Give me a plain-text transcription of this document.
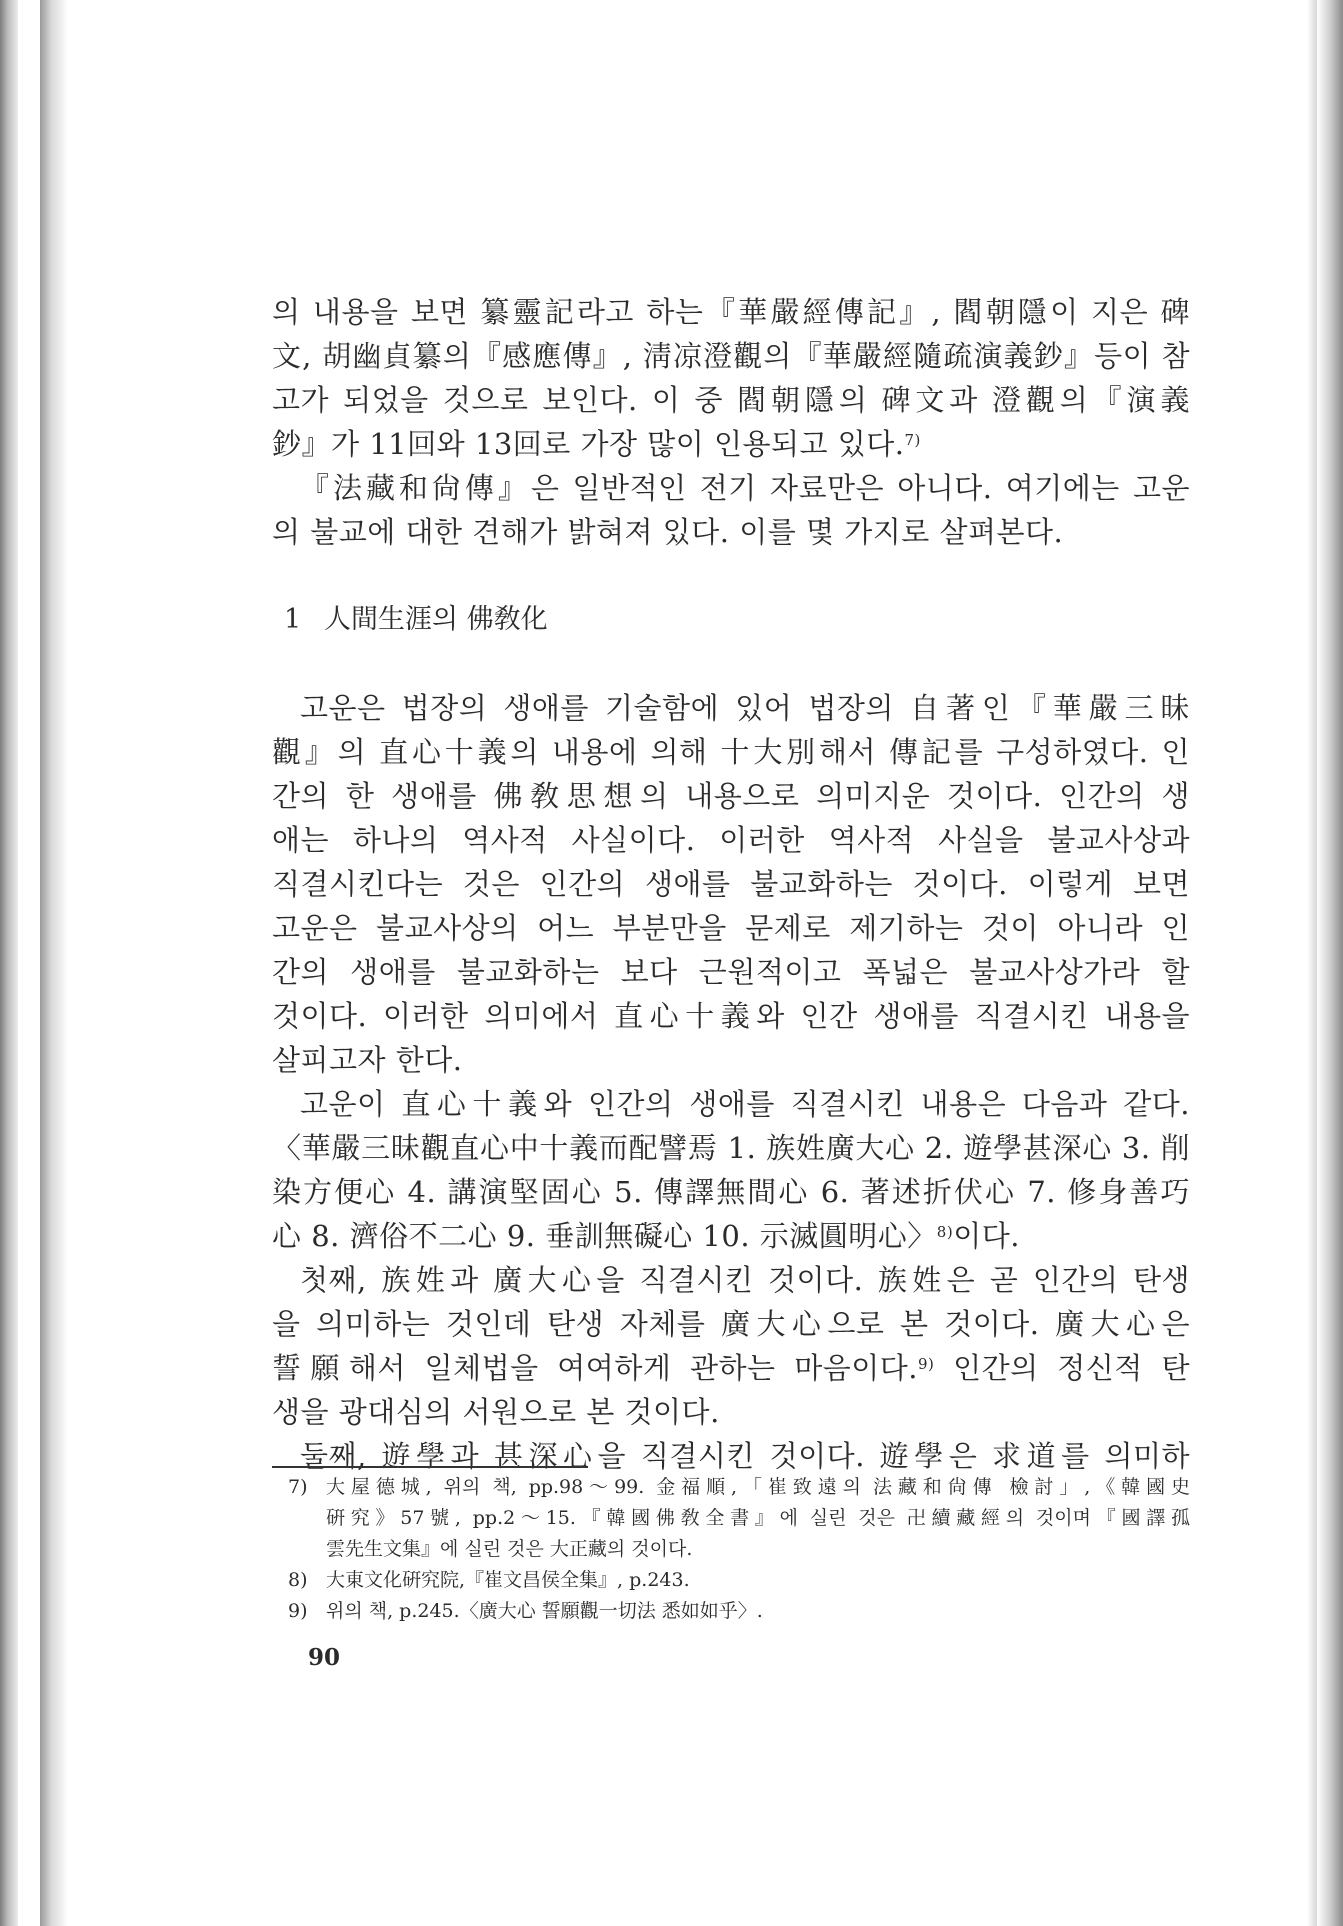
의 내용을 보면 纂靈記라고 하는『華嚴經傳記』, 閻朝隱이 지은 碑
文, 胡幽貞纂의『感應傳』, 淸凉澄觀의『華嚴經隨疏演義鈔』등이 참
고가 되었을 것으로 보인다. 이 중 閻朝隱의 碑文과 澄觀의『演義
鈔』가 11回와 13回로 가장 많이 인용되고 있다.$^{7)}$

『法藏和尙傳』은 일반적인 전기 자료만은 아니다. 여기에는 고운
의 불교에 대한 견해가 밝혀져 있다. 이를 몇 가지로 살펴본다.

1 人間生涯의 佛敎化

고운은 법장의 생애를 기술함에 있어 법장의 自著인『華嚴三昧
觀』의 直心十義의 내용에 의해 十大別해서 傳記를 구성하였다. 인
간의 한 생애를 佛敎思想의 내용으로 의미지운 것이다. 인간의 생
애는 하나의 역사적 사실이다. 이러한 역사적 사실을 불교사상과
직결시킨다는 것은 인간의 생애를 불교화하는 것이다. 이렇게 보면
고운은 불교사상의 어느 부분만을 문제로 제기하는 것이 아니라 인
간의 생애를 불교화하는 보다 근원적이고 폭넓은 불교사상가라 할
것이다. 이러한 의미에서 直心十義와 인간 생애를 직결시킨 내용을
살피고자 한다.

고운이 直心十義와 인간의 생애를 직결시킨 내용은 다음과 같다.
〈華嚴三昧觀直心中十義而配譬焉 1. 族姓廣大心 2. 遊學甚深心 3. 削
染方便心 4. 講演堅固心 5. 傳譯無間心 6. 著述折伏心 7. 修身善巧
心 8. 濟俗不二心 9. 垂訓無礙心 10. 示滅圓明心〉$^{8)}$이다.

첫째, 族姓과 廣大心을 직결시킨 것이다. 族姓은 곧 인간의 탄생
을 의미하는 것인데 탄생 자체를 廣大心으로 본 것이다. 廣大心은
誓願해서 일체법을 여여하게 관하는 마음이다.$^{9)}$ 인간의 정신적 탄
생을 광대심의 서원으로 본 것이다.

둘째, 遊學과 甚深心을 직결시킨 것이다. 遊學은 求道를 의미하

7) 大屋德城, 위의 책, pp.98～99. 金福順,「崔致遠의 法藏和尙傳 檢討」,《韓國史
硏究》57號, pp.2～15.『韓國佛敎全書』에 실린 것은 卍續藏經의 것이며『國譯孤
雲先生文集』에 실린 것은 大正藏의 것이다.
8) 大東文化硏究院,『崔文昌侯全集』, p.243.
9) 위의 책, p.245.〈廣大心 誓願觀一切法 悉如如乎〉.
90
